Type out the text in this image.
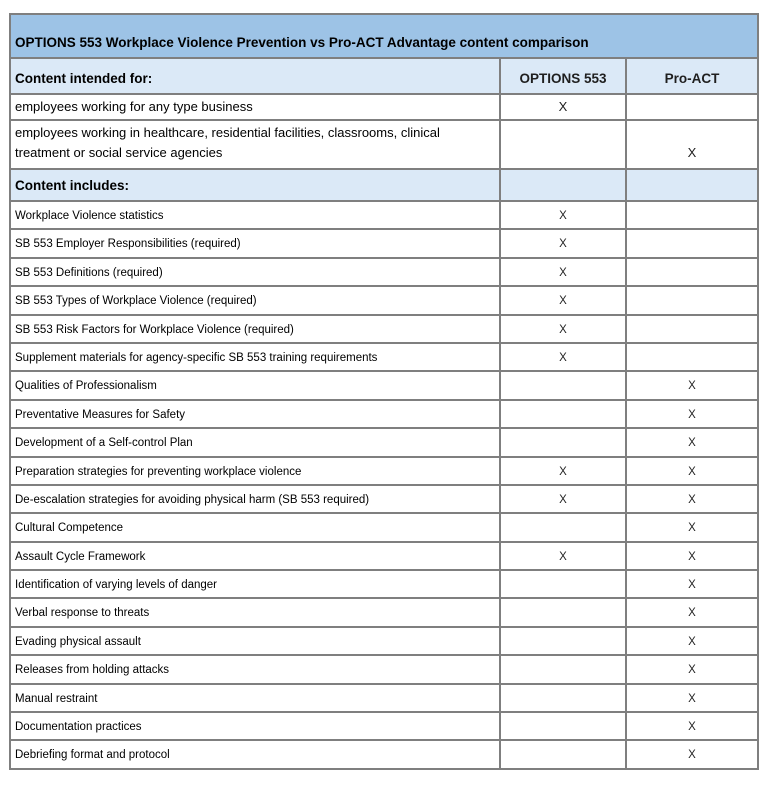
OPTIONS 553 Workplace Violence Prevention vs Pro-ACT Advantage content comparison		
Content intended for:	OPTIONS 553	Pro-ACT
employees working for any type business	X	
employees working in healthcare, residential facilities, classrooms, clinical treatment or social service agencies		X
Content includes:		
Workplace Violence statistics	X	
SB 553 Employer Responsibilities (required)	X	
SB 553 Definitions (required)	X	
SB 553 Types of Workplace Violence (required)	X	
SB 553 Risk Factors for Workplace Violence (required)	X	
Supplement materials for agency-specific SB 553 training requirements	X	
Qualities of Professionalism		X
Preventative Measures for Safety		X
Development of a Self-control Plan		X
Preparation strategies for preventing workplace violence	X	X
De-escalation strategies for avoiding physical harm (SB 553 required)	X	X
Cultural Competence		X
Assault Cycle Framework	X	X
Identification of varying levels of danger		X
Verbal response to threats		X
Evading physical assault		X
Releases from holding attacks		X
Manual restraint		X
Documentation practices		X
Debriefing format and protocol		X
